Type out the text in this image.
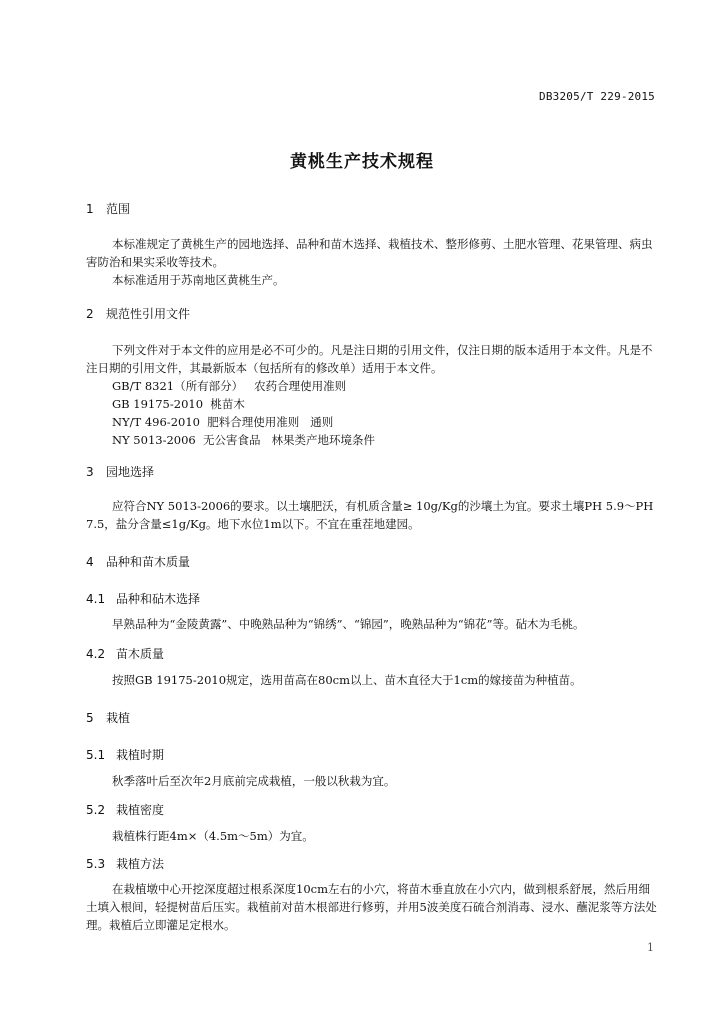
DB3205/T 229-2015
黄桃生产技术规程
1 范围

本标准规定了黄桃生产的园地选择、品种和苗木选择、栽植技术、整形修剪、土肥水管理、花果管理、病虫害防治和果实采收等技术。

本标准适用于苏南地区黄桃生产。

2 规范性引用文件

下列文件对于本文件的应用是必不可少的。凡是注日期的引用文件，仅注日期的版本适用于本文件。凡是不注日期的引用文件，其最新版本（包括所有的修改单）适用于本文件。

GB/T 8321（所有部分）   农药合理使用准则
GB 19175-2010  桃苗木
NY/T 496-2010  肥料合理使用准则   通则
NY 5013-2006  无公害食品   林果类产地环境条件
3 园地选择

应符合NY 5013-2006的要求。以土壤肥沃，有机质含量≥ 10g/Kg的沙壤土为宜。要求土壤PH 5.9～PH 7.5，盐分含量≤1g/Kg。地下水位1m以下。不宜在重茬地建园。

4 品种和苗木质量
4.1 品种和砧木选择

早熟品种为“金陵黄露”、中晚熟品种为“锦绣”、“锦园”，晚熟品种为“锦花”等。砧木为毛桃。

4.2 苗木质量

按照GB 19175-2010规定，选用苗高在80cm以上、苗木直径大于1cm的嫁接苗为种植苗。

5 栽植
5.1 栽植时期

秋季落叶后至次年2月底前完成栽植，一般以秋栽为宜。

5.2 栽植密度

栽植株行距4m×（4.5m～5m）为宜。

5.3 栽植方法

在栽植墩中心开挖深度超过根系深度10cm左右的小穴，将苗木垂直放在小穴内，做到根系舒展，然后用细土填入根间，轻提树苗后压实。栽植前对苗木根部进行修剪，并用5波美度石硫合剂消毒、浸水、蘸泥浆等方法处理。栽植后立即灌足定根水。

1
